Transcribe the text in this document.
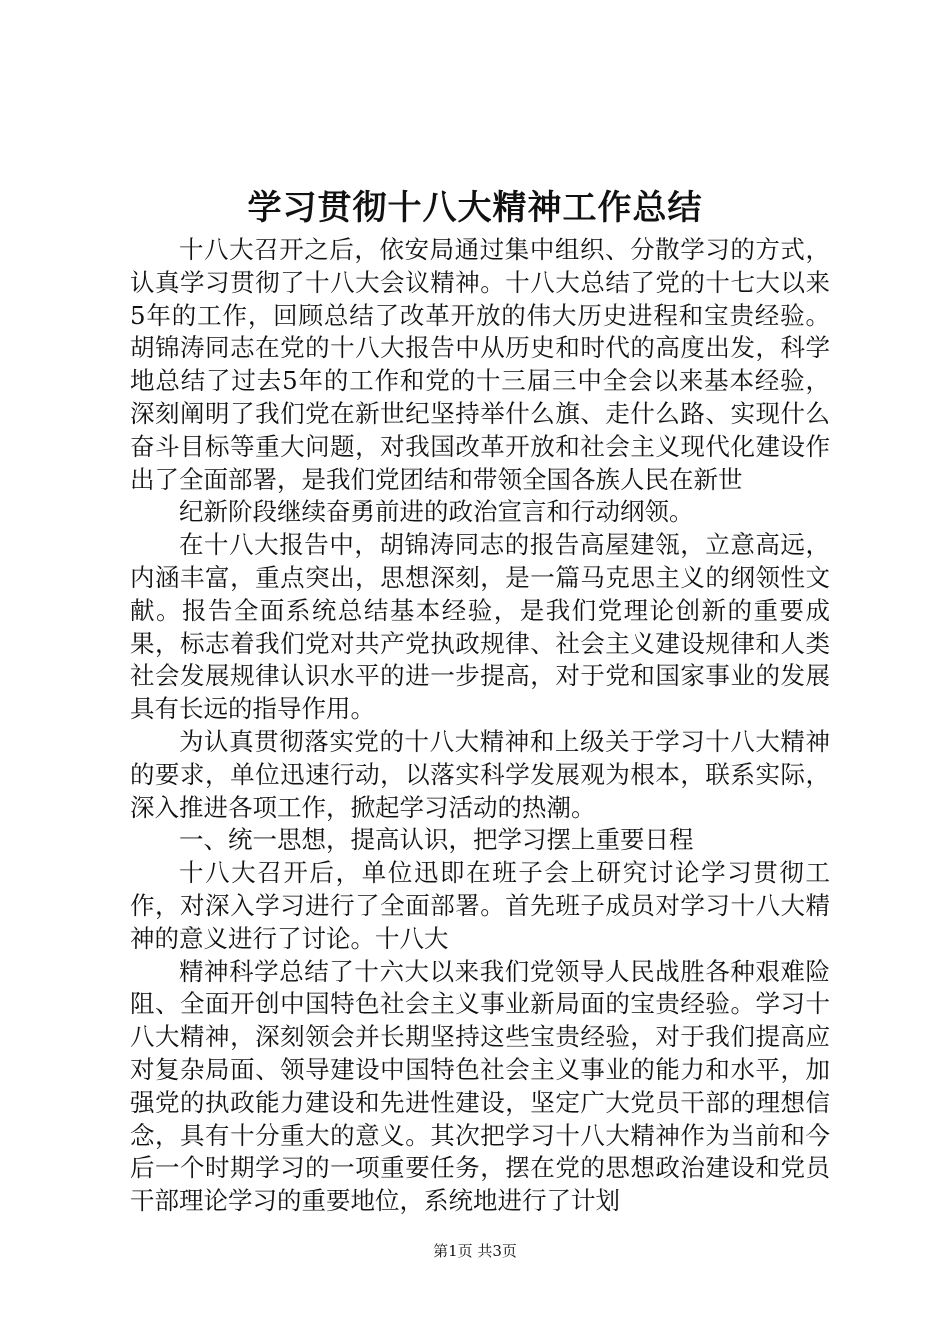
学习贯彻十八大精神工作总结

十八大召开之后，依安局通过集中组织、分散学习的方式，认真学习贯彻了十八大会议精神。十八大总结了党的十七大以来5年的工作，回顾总结了改革开放的伟大历史进程和宝贵经验。胡锦涛同志在党的十八大报告中从历史和时代的高度出发，科学地总结了过去5年的工作和党的十三届三中全会以来基本经验，深刻阐明了我们党在新世纪坚持举什么旗、走什么路、实现什么奋斗目标等重大问题，对我国改革开放和社会主义现代化建设作出了全面部署，是我们党团结和带领全国各族人民在新世

纪新阶段继续奋勇前进的政治宣言和行动纲领。

在十八大报告中，胡锦涛同志的报告高屋建瓴，立意高远，内涵丰富，重点突出，思想深刻，是一篇马克思主义的纲领性文献。报告全面系统总结基本经验，是我们党理论创新的重要成果，标志着我们党对共产党执政规律、社会主义建设规律和人类社会发展规律认识水平的进一步提高，对于党和国家事业的发展具有长远的指导作用。

为认真贯彻落实党的十八大精神和上级关于学习十八大精神的要求，单位迅速行动，以落实科学发展观为根本，联系实际，深入推进各项工作，掀起学习活动的热潮。

一、统一思想，提高认识，把学习摆上重要日程

十八大召开后，单位迅即在班子会上研究讨论学习贯彻工作，对深入学习进行了全面部署。首先班子成员对学习十八大精神的意义进行了讨论。十八大

精神科学总结了十六大以来我们党领导人民战胜各种艰难险阻、全面开创中国特色社会主义事业新局面的宝贵经验。学习十八大精神，深刻领会并长期坚持这些宝贵经验，对于我们提高应对复杂局面、领导建设中国特色社会主义事业的能力和水平，加强党的执政能力建设和先进性建设，坚定广大党员干部的理想信念，具有十分重大的意义。其次把学习十八大精神作为当前和今后一个时期学习的一项重要任务，摆在党的思想政治建设和党员干部理论学习的重要地位，系统地进行了计划

第1页 共3页
